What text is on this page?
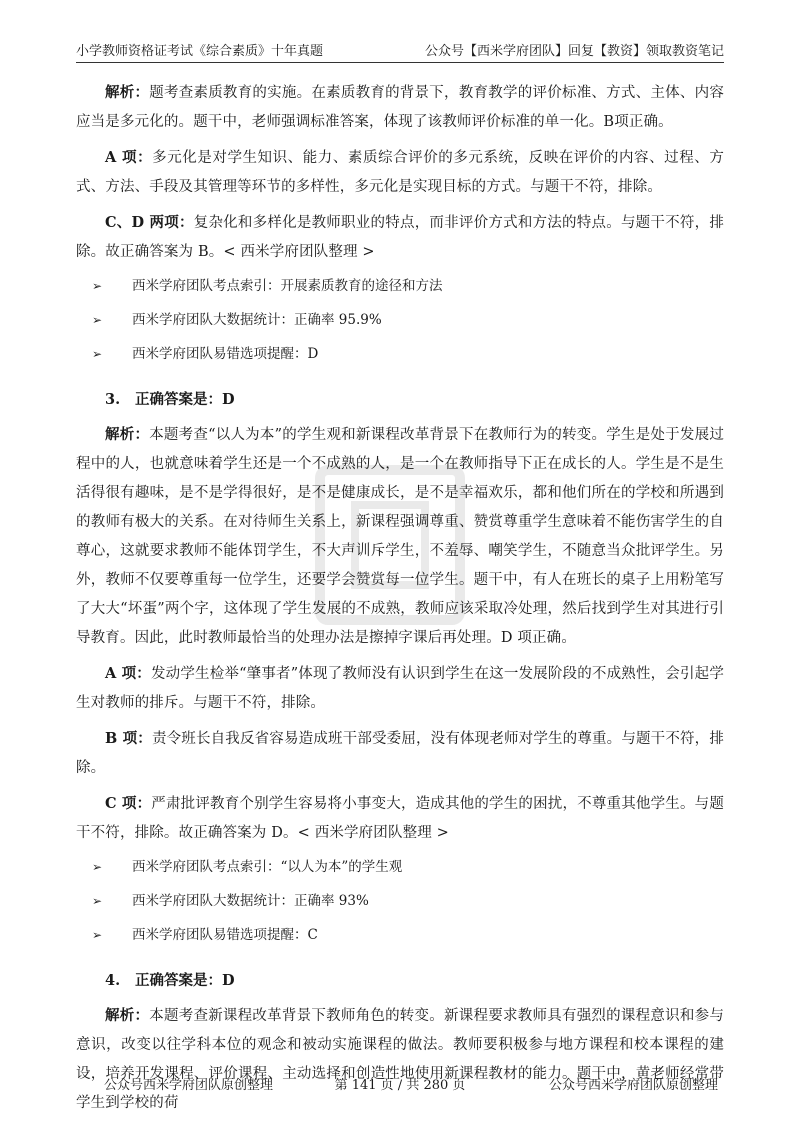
小学教师资格证考试《综合素质》十年真题	公众号【西米学府团队】回复【教资】领取教资笔记

解析：题考查素质教育的实施。在素质教育的背景下，教育教学的评价标准、方式、主体、内容应当是多元化的。题干中，老师强调标准答案，体现了该教师评价标准的单一化。B项正确。

A 项：多元化是对学生知识、能力、素质综合评价的多元系统，反映在评价的内容、过程、方式、方法、手段及其管理等环节的多样性，多元化是实现目标的方式。与题干不符，排除。

C、D 两项：复杂化和多样化是教师职业的特点，而非评价方式和方法的特点。与题干不符，排除。故正确答案为 B。< 西米学府团队整理 >

➢	西米学府团队考点索引：开展素质教育的途径和方法
➢	西米学府团队大数据统计：正确率 95.9%
➢	西米学府团队易错选项提醒：D
3. 正确答案是：D

解析：本题考查“以人为本”的学生观和新课程改革背景下在教师行为的转变。学生是处于发展过程中的人，也就意味着学生还是一个不成熟的人，是一个在教师指导下正在成长的人。学生是不是生活得很有趣味，是不是学得很好，是不是健康成长，是不是幸福欢乐，都和他们所在的学校和所遇到的教师有极大的关系。在对待师生关系上，新课程强调尊重、赞赏尊重学生意味着不能伤害学生的自尊心，这就要求教师不能体罚学生，不大声训斥学生，不羞辱、嘲笑学生，不随意当众批评学生。另外，教师不仅要尊重每一位学生，还要学会赞赏每一位学生。题干中，有人在班长的桌子上用粉笔写了大大“坏蛋”两个字，这体现了学生发展的不成熟，教师应该采取冷处理，然后找到学生对其进行引导教育。因此，此时教师最恰当的处理办法是擦掉字课后再处理。D 项正确。

A 项：发动学生检举“肇事者”体现了教师没有认识到学生在这一发展阶段的不成熟性，会引起学生对教师的排斥。与题干不符，排除。

B 项：责令班长自我反省容易造成班干部受委屈，没有体现老师对学生的尊重。与题干不符，排除。

C 项：严肃批评教育个别学生容易将小事变大，造成其他的学生的困扰，不尊重其他学生。与题干不符，排除。故正确答案为 D。< 西米学府团队整理 >

➢	西米学府团队考点索引：“以人为本”的学生观
➢	西米学府团队大数据统计：正确率 93%
➢	西米学府团队易错选项提醒：C
4. 正确答案是：D

解析：本题考查新课程改革背景下教师角色的转变。新课程要求教师具有强烈的课程意识和参与意识，改变以往学科本位的观念和被动实施课程的做法。教师要积极参与地方课程和校本课程的建设，培养开发课程、评价课程、主动选择和创造性地使用新课程教材的能力。题干中，黄老师经常带学生到学校的荷

公众号西米学府团队原创整理	第 141 页 / 共 280 页	公众号西米学府团队原创整理
